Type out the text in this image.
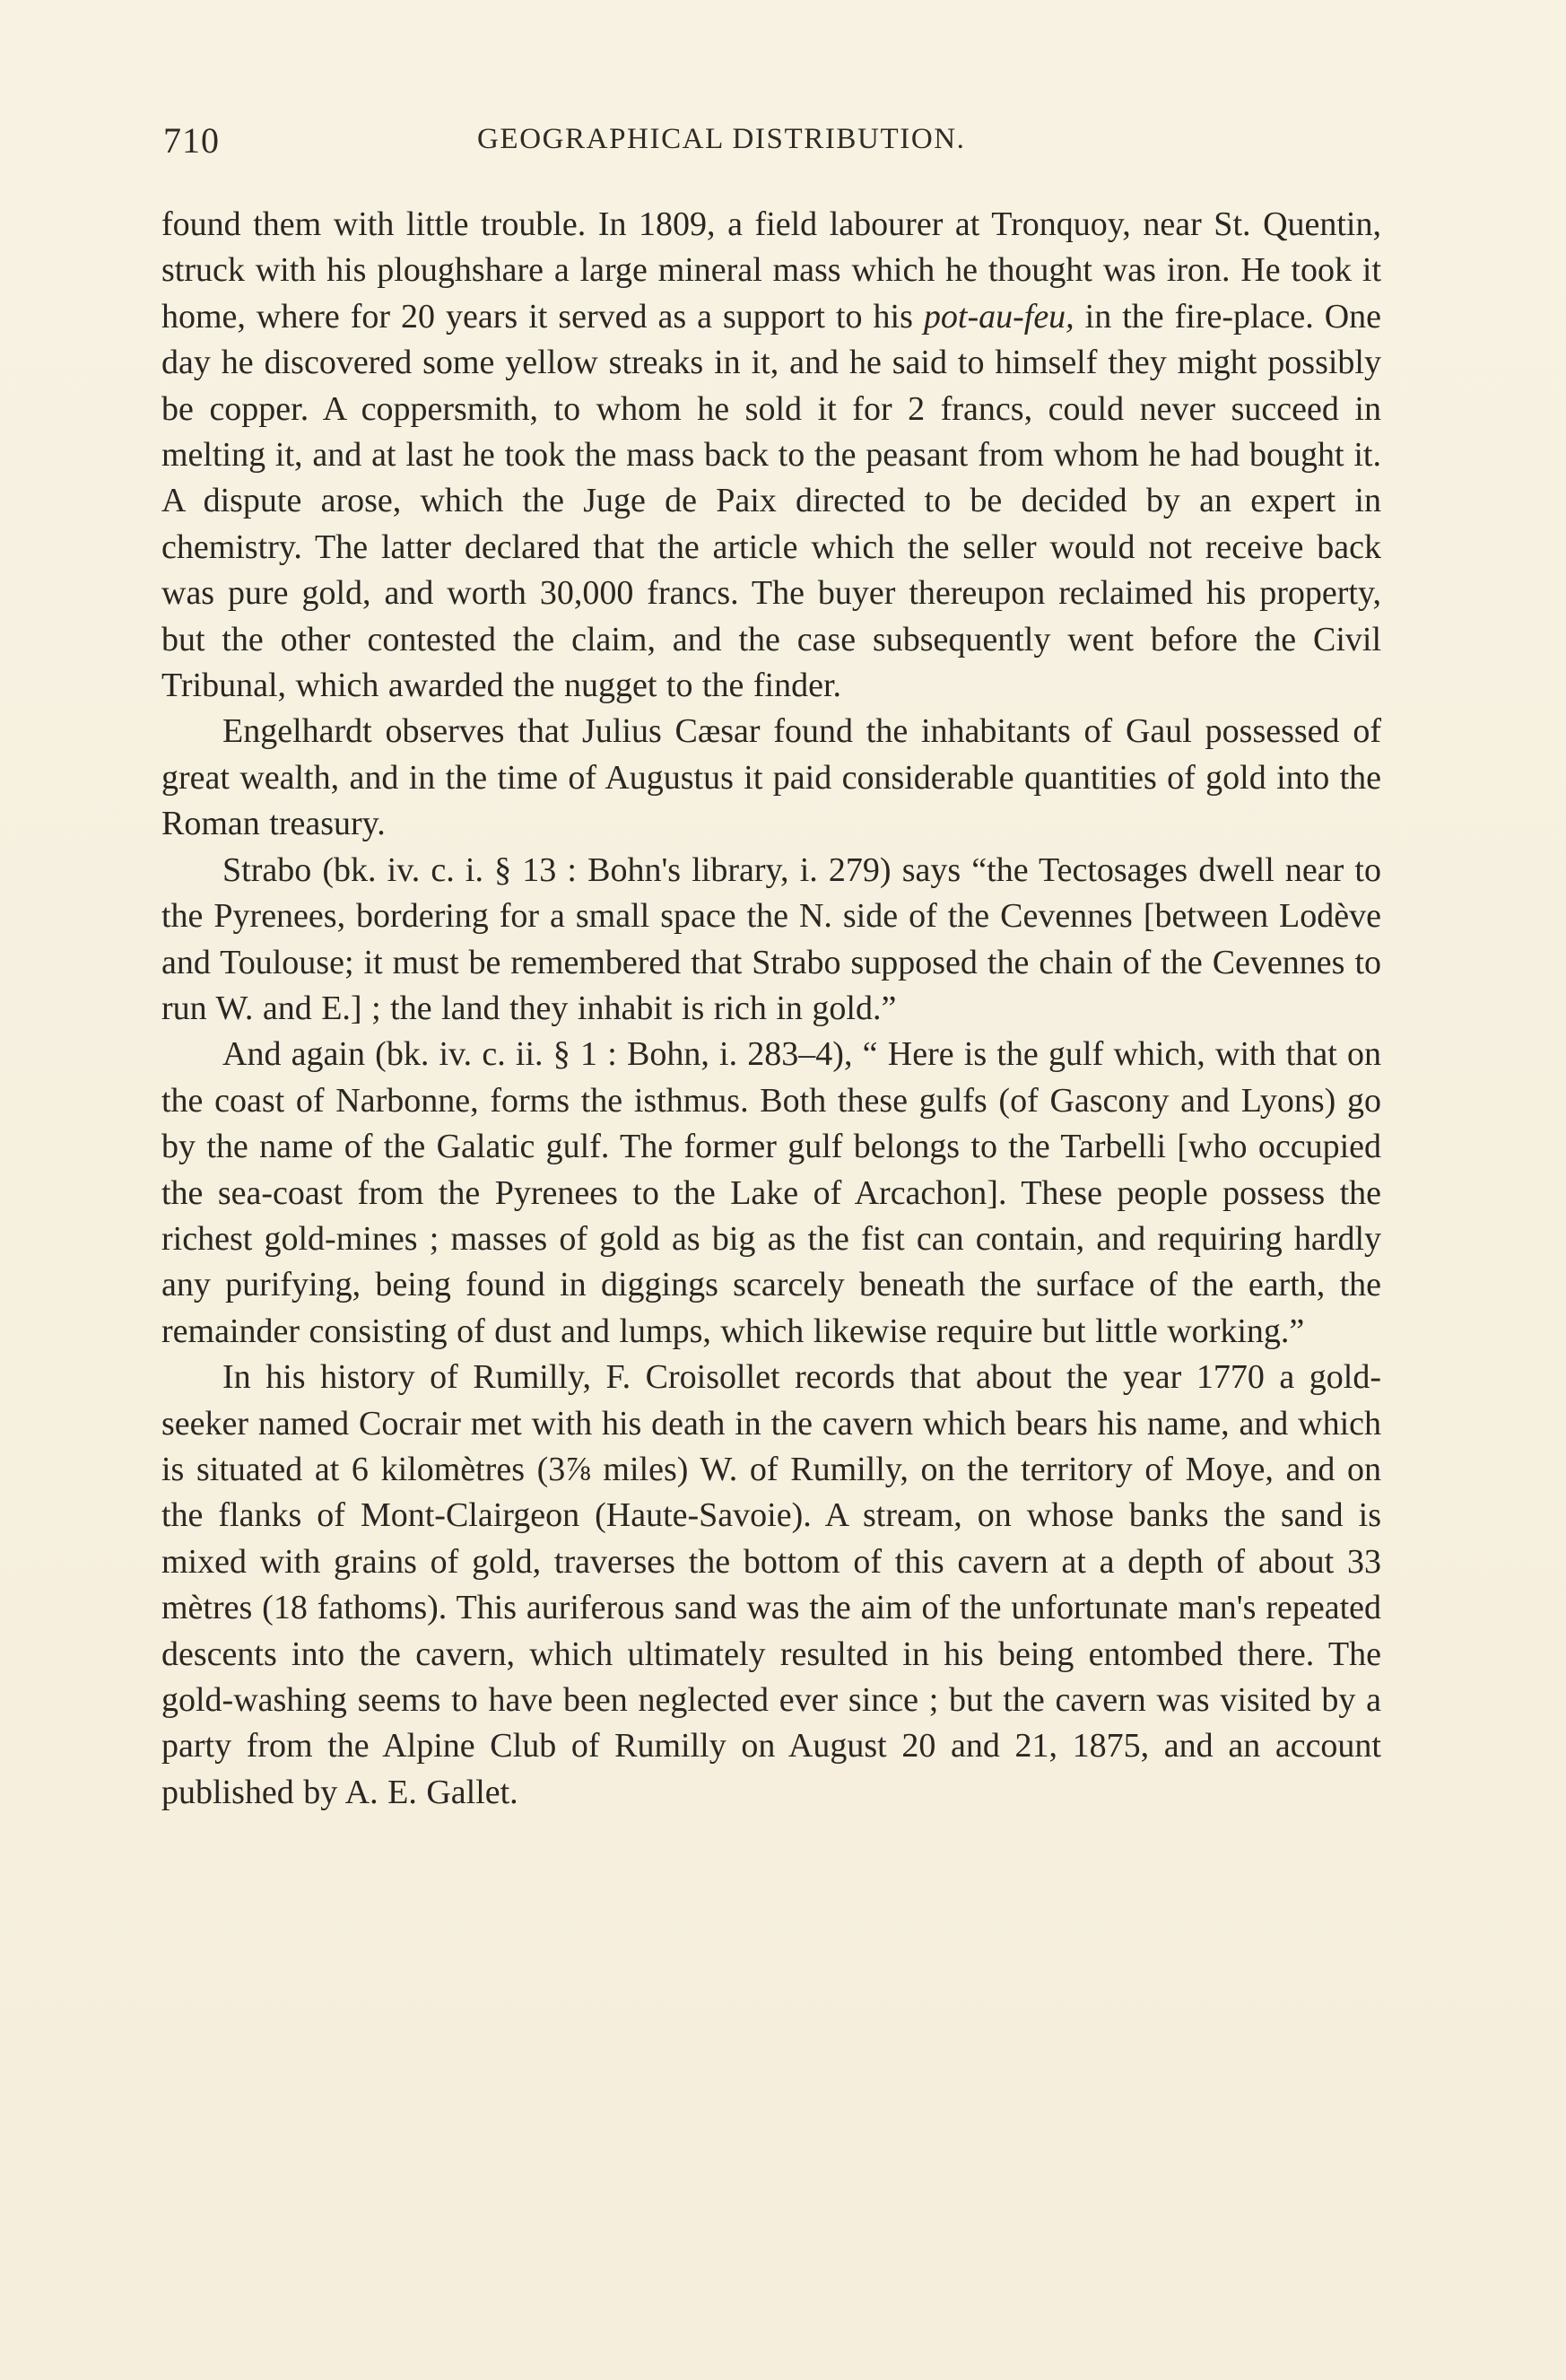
710	GEOGRAPHICAL DISTRIBUTION.

found them with little trouble. In 1809, a field labourer at Tronquoy, near St. Quentin, struck with his ploughshare a large mineral mass which he thought was iron. He took it home, where for 20 years it served as a support to his pot-au-feu, in the fire-place. One day he discovered some yellow streaks in it, and he said to himself they might possibly be copper. A coppersmith, to whom he sold it for 2 francs, could never succeed in melting it, and at last he took the mass back to the peasant from whom he had bought it. A dispute arose, which the Juge de Paix directed to be decided by an expert in chemistry. The latter declared that the article which the seller would not receive back was pure gold, and worth 30,000 francs. The buyer thereupon reclaimed his property, but the other contested the claim, and the case subsequently went before the Civil Tribunal, which awarded the nugget to the finder.

Engelhardt observes that Julius Cæsar found the inhabitants of Gaul possessed of great wealth, and in the time of Augustus it paid considerable quantities of gold into the Roman treasury.

Strabo (bk. iv. c. i. § 13 : Bohn's library, i. 279) says “the Tectosages dwell near to the Pyrenees, bordering for a small space the N. side of the Cevennes [between Lodève and Toulouse; it must be remembered that Strabo supposed the chain of the Cevennes to run W. and E.] ; the land they inhabit is rich in gold.”

And again (bk. iv. c. ii. § 1 : Bohn, i. 283–4), “ Here is the gulf which, with that on the coast of Narbonne, forms the isthmus. Both these gulfs (of Gascony and Lyons) go by the name of the Galatic gulf. The former gulf belongs to the Tarbelli [who occupied the sea-coast from the Pyrenees to the Lake of Arcachon]. These people possess the richest gold-mines ; masses of gold as big as the fist can contain, and requiring hardly any purifying, being found in diggings scarcely beneath the surface of the earth, the remainder consisting of dust and lumps, which likewise require but little working.”

In his history of Rumilly, F. Croisollet records that about the year 1770 a gold-seeker named Cocrair met with his death in the cavern which bears his name, and which is situated at 6 kilomètres (3⅞ miles) W. of Rumilly, on the territory of Moye, and on the flanks of Mont-Clairgeon (Haute-Savoie). A stream, on whose banks the sand is mixed with grains of gold, traverses the bottom of this cavern at a depth of about 33 mètres (18 fathoms). This auriferous sand was the aim of the unfortunate man's repeated descents into the cavern, which ultimately resulted in his being entombed there. The gold-washing seems to have been neglected ever since ; but the cavern was visited by a party from the Alpine Club of Rumilly on August 20 and 21, 1875, and an account published by A. E. Gallet.
